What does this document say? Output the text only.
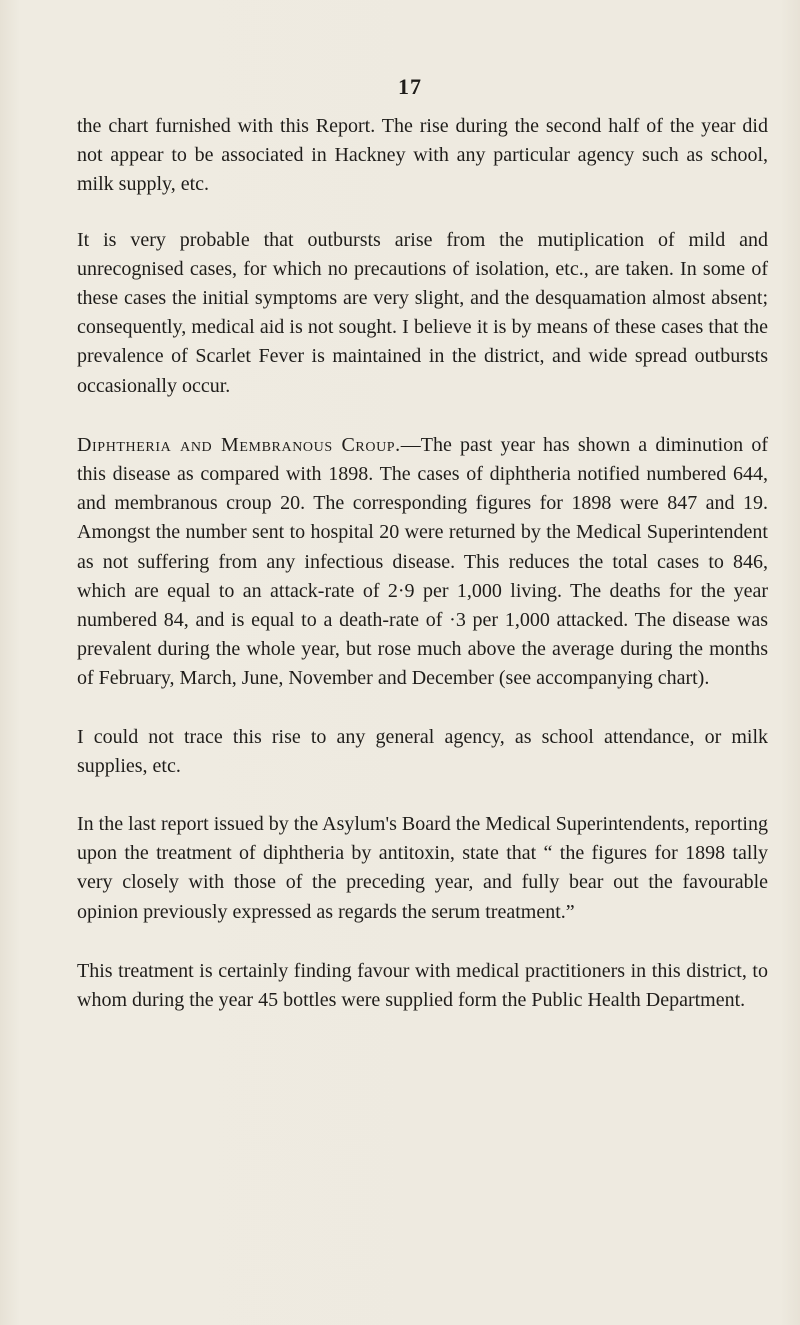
17

the chart furnished with this Report. The rise during the second half of the year did not appear to be associated in Hackney with any particular agency such as school, milk supply, etc.

It is very probable that outbursts arise from the mutiplication of mild and unrecognised cases, for which no precautions of isolation, etc., are taken. In some of these cases the initial symptoms are very slight, and the desquamation almost absent; consequently, medical aid is not sought. I believe it is by means of these cases that the prevalence of Scarlet Fever is maintained in the district, and wide spread outbursts occasionally occur.

Diphtheria and Membranous Croup.—The past year has shown a diminution of this disease as compared with 1898. The cases of diphtheria notified numbered 644, and membranous croup 20. The corresponding figures for 1898 were 847 and 19. Amongst the number sent to hospital 20 were returned by the Medical Superintendent as not suffering from any infectious disease. This reduces the total cases to 846, which are equal to an attack-rate of 2·9 per 1,000 living. The deaths for the year numbered 84, and is equal to a death-rate of ·3 per 1,000 attacked. The disease was prevalent during the whole year, but rose much above the average during the months of February, March, June, November and December (see accompanying chart).

I could not trace this rise to any general agency, as school attendance, or milk supplies, etc.

In the last report issued by the Asylum's Board the Medical Superintendents, reporting upon the treatment of diphtheria by antitoxin, state that “ the figures for 1898 tally very closely with those of the preceding year, and fully bear out the favourable opinion previously expressed as regards the serum treatment.”

This treatment is certainly finding favour with medical practitioners in this district, to whom during the year 45 bottles were supplied form the Public Health Department.
